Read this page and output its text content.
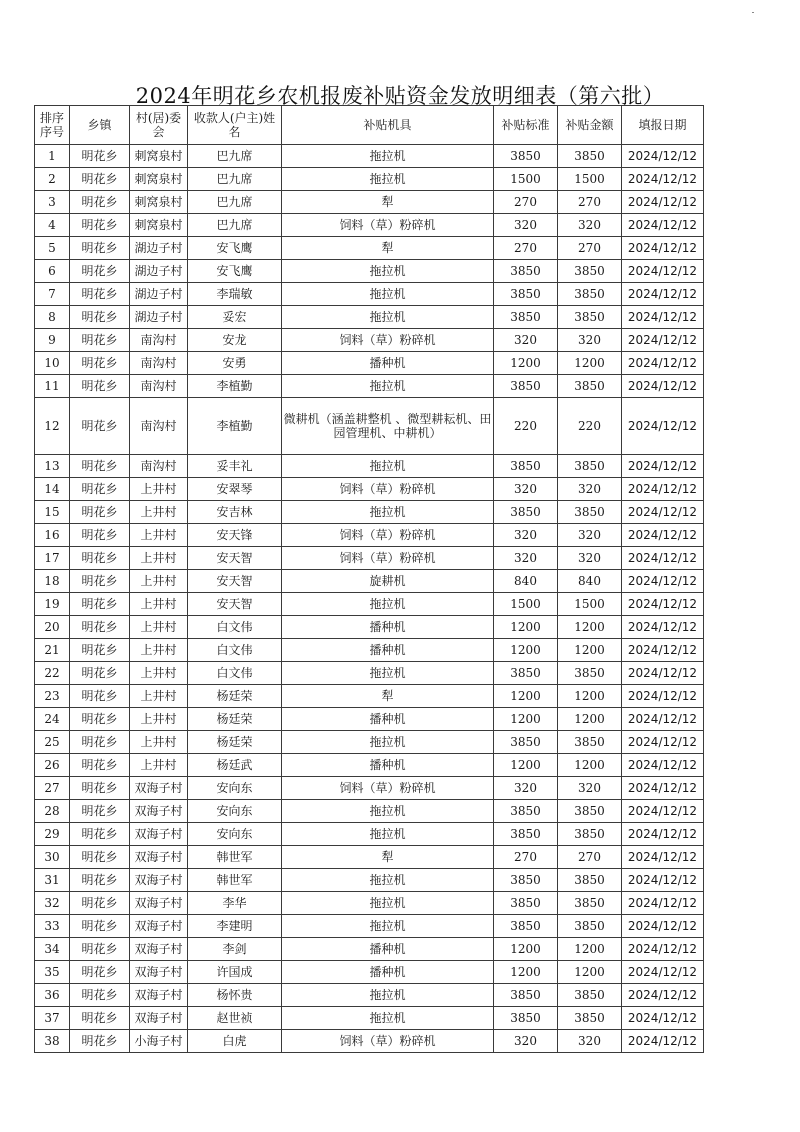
2024年明花乡农机报废补贴资金发放明细表（第六批）
排序序号	乡镇	村(居)委会	收款人(户主)姓名	补贴机具	补贴标准	补贴金额	填报日期
1	明花乡	刺窝泉村	巴九席	拖拉机	3850	3850	2024/12/12
2	明花乡	刺窝泉村	巴九席	拖拉机	1500	1500	2024/12/12
3	明花乡	刺窝泉村	巴九席	犁	270	270	2024/12/12
4	明花乡	刺窝泉村	巴九席	饲料（草）粉碎机	320	320	2024/12/12
5	明花乡	湖边子村	安飞鹰	犁	270	270	2024/12/12
6	明花乡	湖边子村	安飞鹰	拖拉机	3850	3850	2024/12/12
7	明花乡	湖边子村	李瑞敏	拖拉机	3850	3850	2024/12/12
8	明花乡	湖边子村	妥宏	拖拉机	3850	3850	2024/12/12
9	明花乡	南沟村	安龙	饲料（草）粉碎机	320	320	2024/12/12
10	明花乡	南沟村	安勇	播种机	1200	1200	2024/12/12
11	明花乡	南沟村	李植勤	拖拉机	3850	3850	2024/12/12
12	明花乡	南沟村	李植勤	微耕机（涵盖耕整机 、微型耕耘机、田园管理机、中耕机）	220	220	2024/12/12
13	明花乡	南沟村	妥丰礼	拖拉机	3850	3850	2024/12/12
14	明花乡	上井村	安翠琴	饲料（草）粉碎机	320	320	2024/12/12
15	明花乡	上井村	安吉林	拖拉机	3850	3850	2024/12/12
16	明花乡	上井村	安天锋	饲料（草）粉碎机	320	320	2024/12/12
17	明花乡	上井村	安天智	饲料（草）粉碎机	320	320	2024/12/12
18	明花乡	上井村	安天智	旋耕机	840	840	2024/12/12
19	明花乡	上井村	安天智	拖拉机	1500	1500	2024/12/12
20	明花乡	上井村	白文伟	播种机	1200	1200	2024/12/12
21	明花乡	上井村	白文伟	播种机	1200	1200	2024/12/12
22	明花乡	上井村	白文伟	拖拉机	3850	3850	2024/12/12
23	明花乡	上井村	杨廷荣	犁	1200	1200	2024/12/12
24	明花乡	上井村	杨廷荣	播种机	1200	1200	2024/12/12
25	明花乡	上井村	杨廷荣	拖拉机	3850	3850	2024/12/12
26	明花乡	上井村	杨廷武	播种机	1200	1200	2024/12/12
27	明花乡	双海子村	安向东	饲料（草）粉碎机	320	320	2024/12/12
28	明花乡	双海子村	安向东	拖拉机	3850	3850	2024/12/12
29	明花乡	双海子村	安向东	拖拉机	3850	3850	2024/12/12
30	明花乡	双海子村	韩世军	犁	270	270	2024/12/12
31	明花乡	双海子村	韩世军	拖拉机	3850	3850	2024/12/12
32	明花乡	双海子村	李华	拖拉机	3850	3850	2024/12/12
33	明花乡	双海子村	李建明	拖拉机	3850	3850	2024/12/12
34	明花乡	双海子村	李剑	播种机	1200	1200	2024/12/12
35	明花乡	双海子村	许国成	播种机	1200	1200	2024/12/12
36	明花乡	双海子村	杨怀贵	拖拉机	3850	3850	2024/12/12
37	明花乡	双海子村	赵世祯	拖拉机	3850	3850	2024/12/12
38	明花乡	小海子村	白虎	饲料（草）粉碎机	320	320	2024/12/12
